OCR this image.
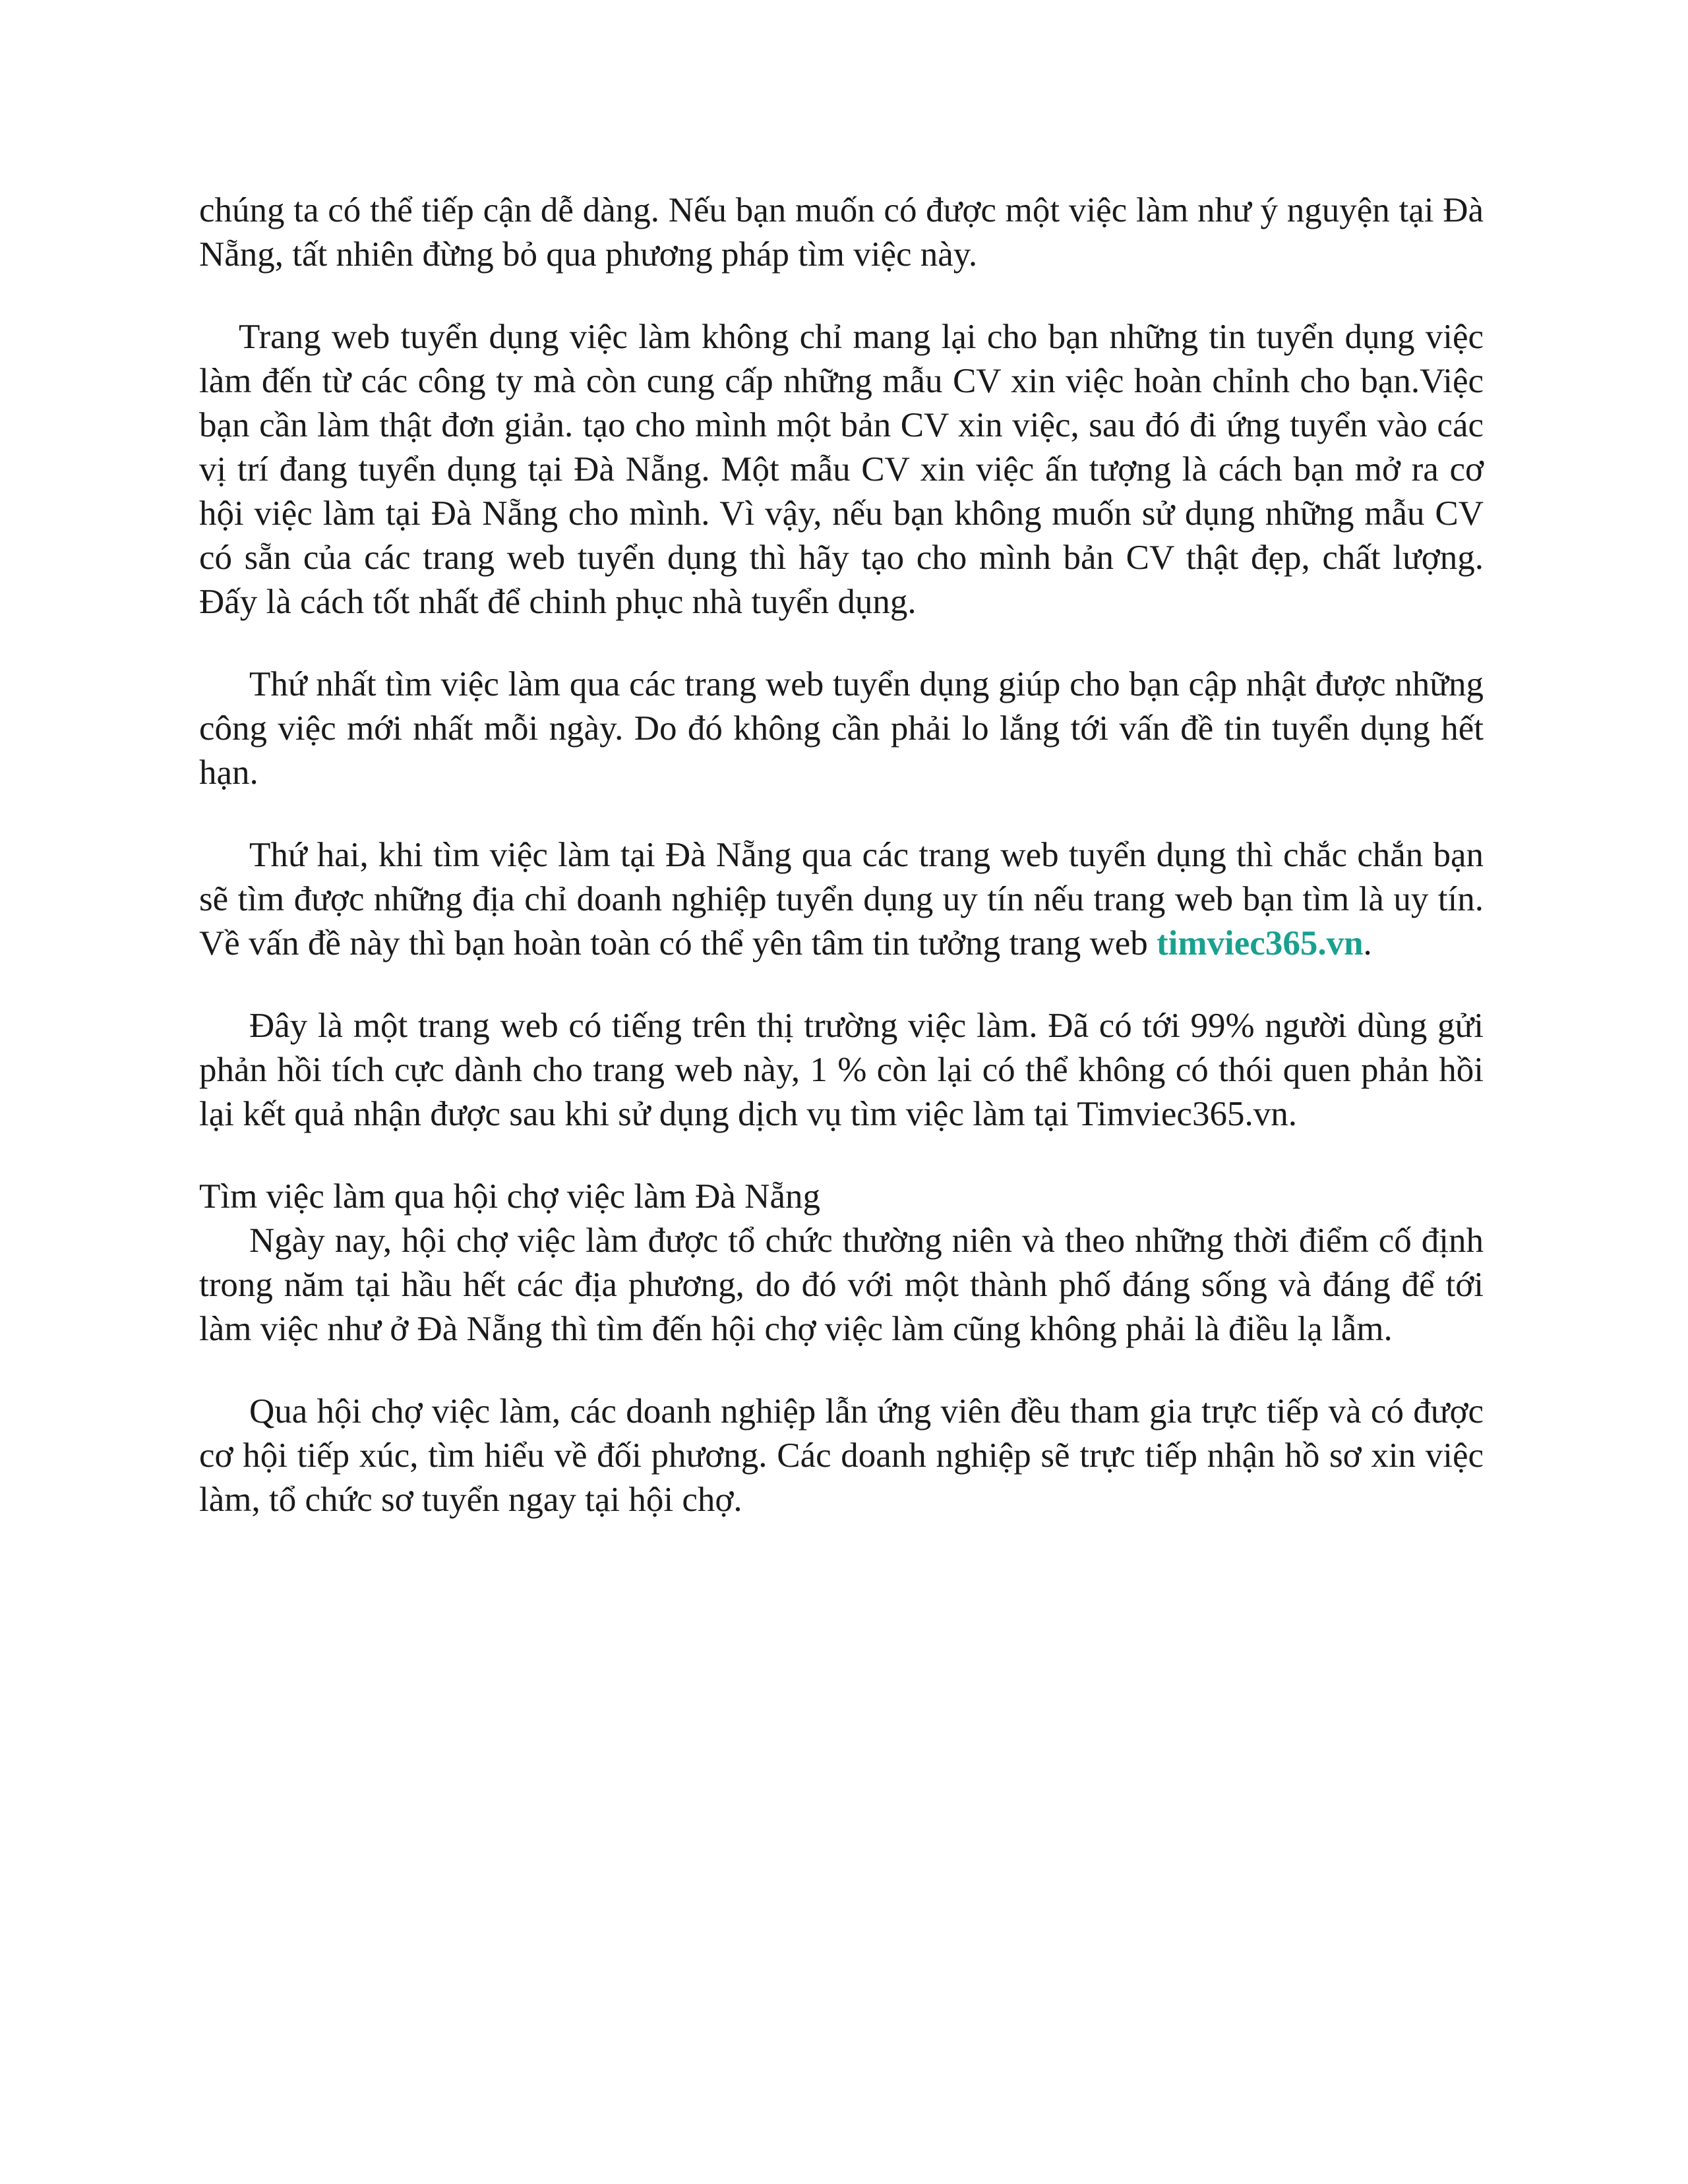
chúng ta có thể tiếp cận dễ dàng. Nếu bạn muốn có được một việc làm như ý nguyện tại Đà Nẵng, tất nhiên đừng bỏ qua phương pháp tìm việc này.

Trang web tuyển dụng việc làm không chỉ mang lại cho bạn những tin tuyển dụng việc làm đến từ các công ty mà còn cung cấp những mẫu CV xin việc hoàn chỉnh cho bạn.Việc bạn cần làm thật đơn giản. tạo cho mình một bản CV xin việc, sau đó đi ứng tuyển vào các vị trí đang tuyển dụng tại Đà Nẵng. Một mẫu CV xin việc ấn tượng là cách bạn mở ra cơ hội việc làm tại Đà Nẵng cho mình. Vì vậy, nếu bạn không muốn sử dụng những mẫu CV có sẵn của các trang web tuyển dụng thì hãy tạo cho mình bản CV thật đẹp, chất lượng. Đấy là cách tốt nhất để chinh phục nhà tuyển dụng.

Thứ nhất tìm việc làm qua các trang web tuyển dụng giúp cho bạn cập nhật được những công việc mới nhất mỗi ngày. Do đó không cần phải lo lắng tới vấn đề tin tuyển dụng hết hạn.

Thứ hai, khi tìm việc làm tại Đà Nẵng qua các trang web tuyển dụng thì chắc chắn bạn sẽ tìm được những địa chỉ doanh nghiệp tuyển dụng uy tín nếu trang web bạn tìm là uy tín. Về vấn đề này thì bạn hoàn toàn có thể yên tâm tin tưởng trang web timviec365.vn.

Đây là một trang web có tiếng trên thị trường việc làm. Đã có tới 99% người dùng gửi phản hồi tích cực dành cho trang web này, 1 % còn lại có thể không có thói quen phản hồi lại kết quả nhận được sau khi sử dụng dịch vụ tìm việc làm tại Timviec365.vn.

Tìm việc làm qua hội chợ việc làm Đà Nẵng

Ngày nay, hội chợ việc làm được tổ chức thường niên và theo những thời điểm cố định trong năm tại hầu hết các địa phương, do đó với một thành phố đáng sống và đáng để tới làm việc như ở Đà Nẵng thì tìm đến hội chợ việc làm cũng không phải là điều lạ lẫm.

Qua hội chợ việc làm, các doanh nghiệp lẫn ứng viên đều tham gia trực tiếp và có được cơ hội tiếp xúc, tìm hiểu về đối phương. Các doanh nghiệp sẽ trực tiếp nhận hồ sơ xin việc làm, tổ chức sơ tuyển ngay tại hội chợ.
